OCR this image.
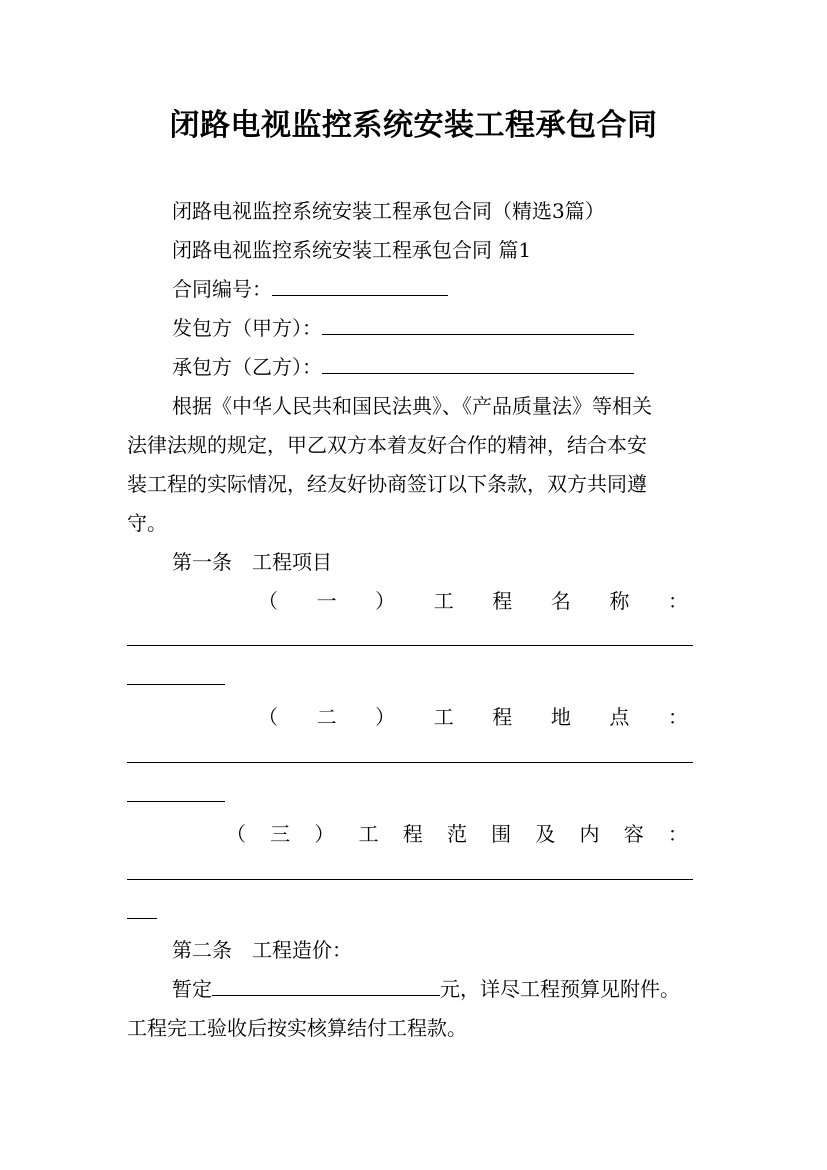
闭路电视监控系统安装工程承包合同
闭路电视监控系统安装工程承包合同（精选3篇）
闭路电视监控系统安装工程承包合同 篇1
合同编号：
发包方（甲方）：
承包方（乙方）：
根据《中华人民共和国民法典》、《产品质量法》等相关
法律法规的规定，甲乙双方本着友好合作的精神，结合本安
装工程的实际情况，经友好协商签订以下条款，双方共同遵
守。
第一条　工程项目
（ 一 ） 工 程 名 称 ：
（ 二 ） 工 程 地 点 ：
（ 三 ） 工 程 范 围 及 内 容 ：
第二条　工程造价：
暂定	元，详尽工程预算见附件。
工程完工验收后按实核算结付工程款。
